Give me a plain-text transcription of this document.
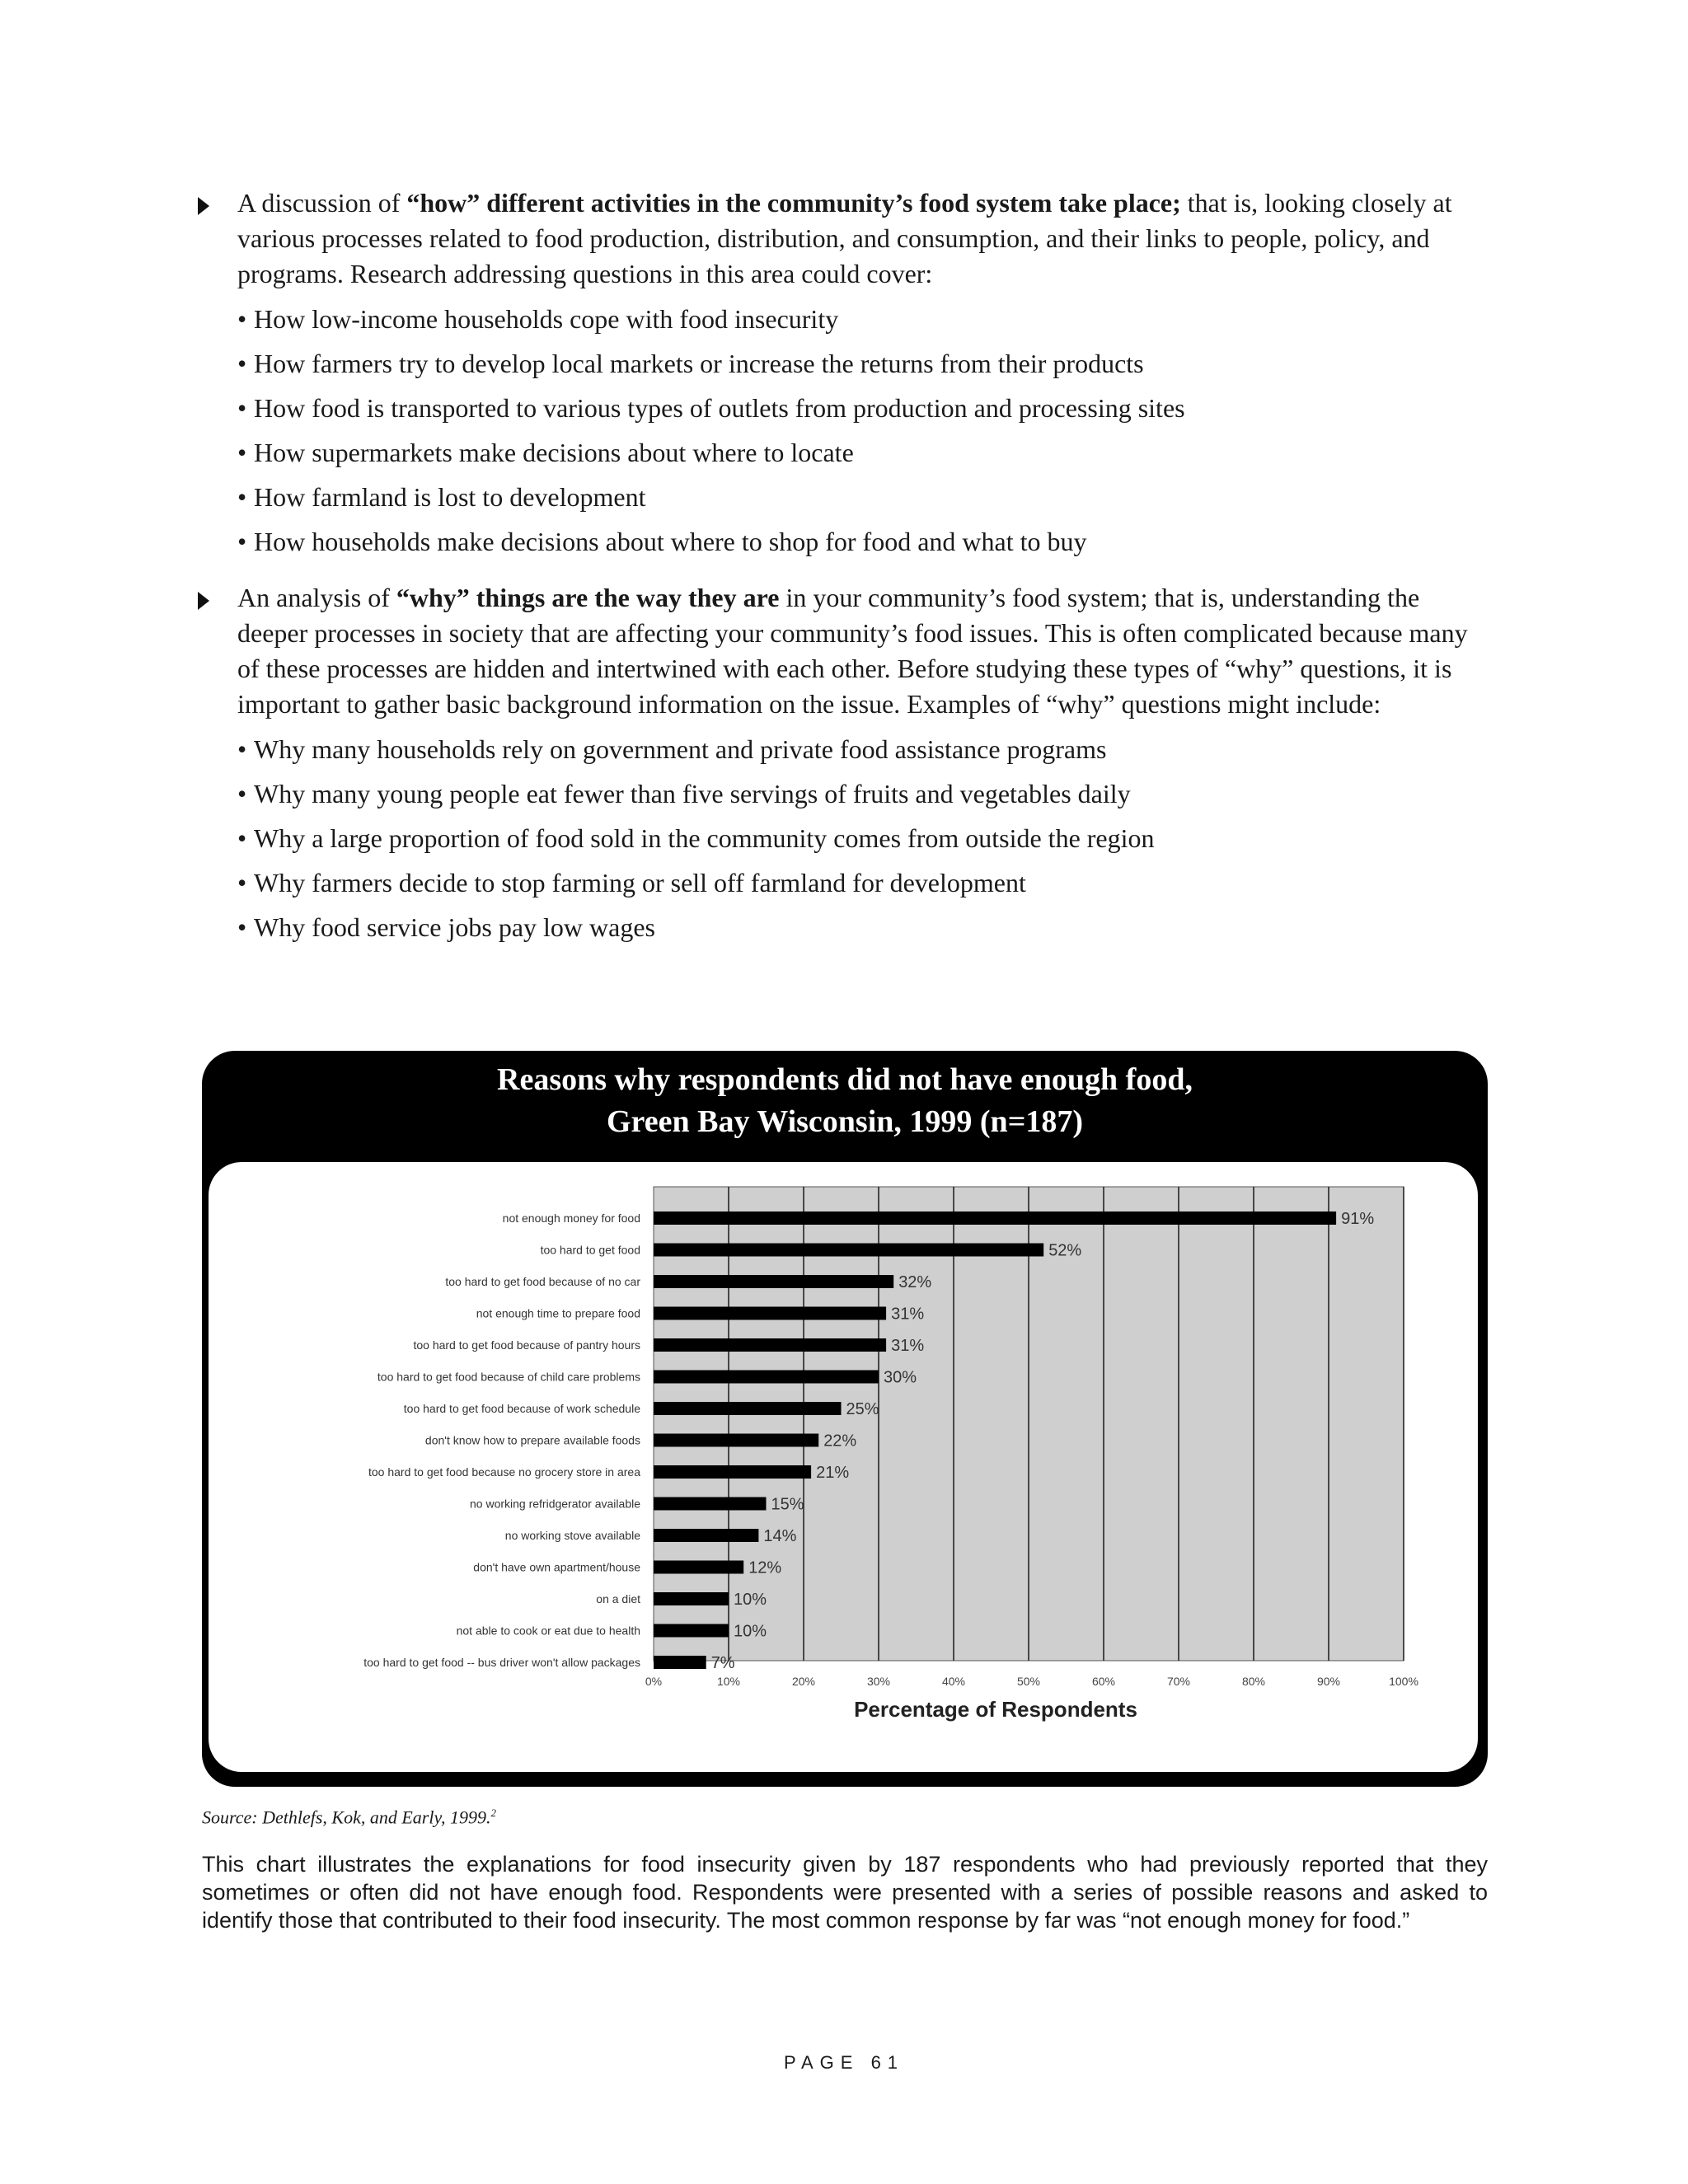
A discussion of “how” different activities in the community’s food system take place; that is, looking closely at various processes related to food production, distribution, and consumption, and their links to people, policy, and programs. Research addressing questions in this area could cover:

• How low-income households cope with food insecurity
• How farmers try to develop local markets or increase the returns from their products
• How food is transported to various types of outlets from production and processing sites
• How supermarkets make decisions about where to locate
• How farmland is lost to development
• How households make decisions about where to shop for food and what to buy

An analysis of “why” things are the way they are in your community’s food system; that is, understanding the deeper processes in society that are affecting your community’s food issues. This is often complicated because many of these processes are hidden and intertwined with each other. Before studying these types of “why” questions, it is important to gather basic background information on the issue. Examples of “why” questions might include:

• Why many households rely on government and private food assistance programs
• Why many young people eat fewer than five servings of fruits and vegetables daily
• Why a large proportion of food sold in the community comes from outside the region
• Why farmers decide to stop farming or sell off farmland for development
• Why food service jobs pay low wages
Reasons why respondents did not have enough food,
Green Bay Wisconsin, 1999 (n=187)
not enough money for food	91%
too hard to get food	52%
too hard to get food because of no car	32%
not enough time to prepare food	31%
too hard to get food because of pantry hours	31%
too hard to get food because of child care problems	30%
too hard to get food because of work schedule	25%
don't know how to prepare available foods	22%
too hard to get food because no grocery store in area	21%
no working refridgerator available	15%
no working stove available	14%
don't have own apartment/house	12%
on a diet	10%
not able to cook or eat due to health	10%
too hard to get food -- bus driver won't allow packages	7%
0%	10%	20%	30%	40%	50%	60%	70%	80%	90%	100%
Percentage of Respondents
Source: Dethlefs, Kok, and Early, 1999.$^2$
This chart illustrates the explanations for food insecurity given by 187 respondents who had previously reported that they sometimes or often did not have enough food. Respondents were presented with a series of possible reasons and asked to identify those that contributed to their food insecurity. The most common response by far was “not enough money for food.”
PAGE 61
